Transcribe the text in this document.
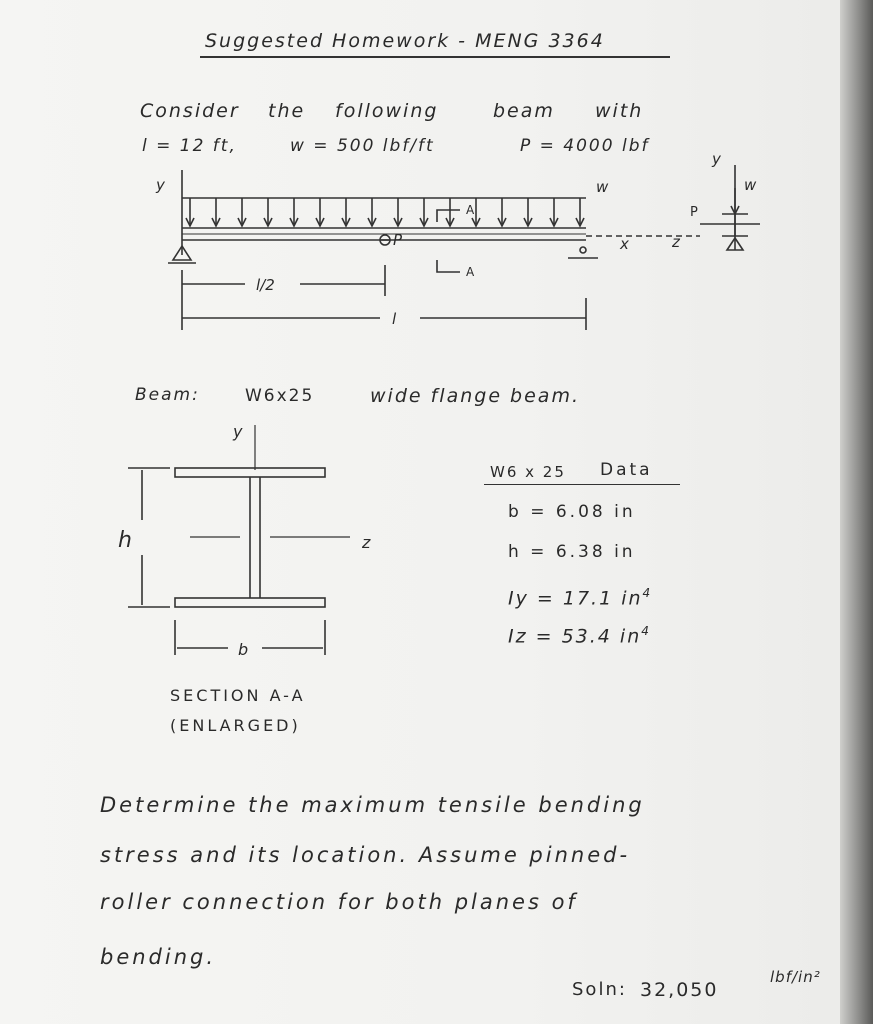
Suggested Homework - MENG 3364
Consider the following	beam with
l = 12 ft,	w = 500 lbf/ft	P = 4000 lbf
y
x	z
l/2
l
w
P
A
A
y
w
P
Beam:	W6x25	wide flange beam.
y
z
h
b
SECTION A-A
(ENLARGED)
W6 x 25 Data
b = 6.08 in
h = 6.38 in
Iy = 17.1 $in^4$
Iz = 53.4 $in^4$
Determine the maximum tensile bending
stress and its location. Assume pinned-
roller connection for both planes of
bending.
Soln: 32,050
lbf/in²
